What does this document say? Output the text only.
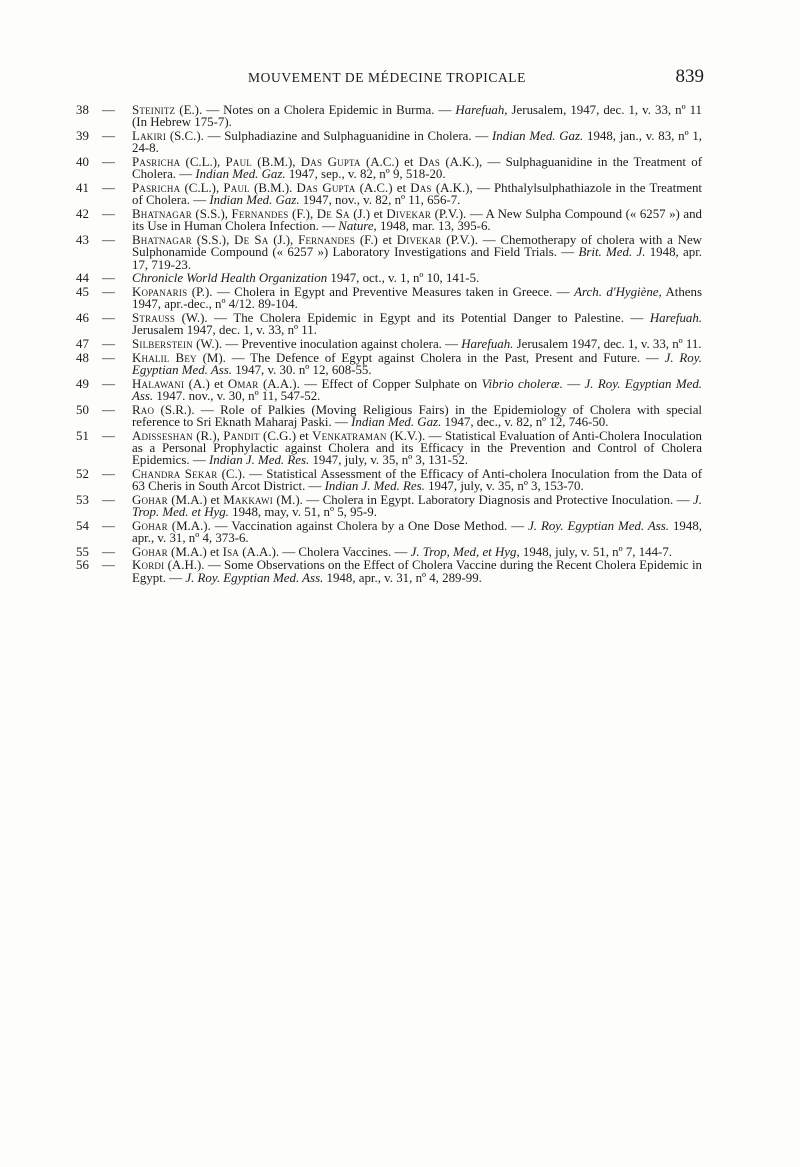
MOUVEMENT DE MÉDECINE TROPICALE	839
38	— Steinitz (E.). — Notes on a Cholera Epidemic in Burma. — Harefuah, Jerusalem, 1947, dec. 1, v. 33, nº 11 (In Hebrew 175-7).
39	— Lakiri (S.C.). — Sulphadiazine and Sulphaguanidine in Cholera. — Indian Med. Gaz. 1948, jan., v. 83, nº 1, 24-8.
40	— Pasricha (C.L.), Paul (B.M.), Das Gupta (A.C.) et Das (A.K.), — Sulphaguanidine in the Treatment of Cholera. — Indian Med. Gaz. 1947, sep., v. 82, nº 9, 518-20.
41	— Pasricha (C.L.), Paul (B.M.). Das Gupta (A.C.) et Das (A.K.), — Phthalylsulphathiazole in the Treatment of Cholera. — Indian Med. Gaz. 1947, nov., v. 82, nº 11, 656-7.
42	— Bhatnagar (S.S.), Fernandes (F.), De Sa (J.) et Divekar (P.V.). — A New Sulpha Compound (« 6257 ») and its Use in Human Cholera Infection. — Nature, 1948, mar. 13, 395-6.
43	— Bhatnagar (S.S.), De Sa (J.), Fernandes (F.) et Divekar (P.V.). — Chemotherapy of cholera with a New Sulphonamide Compound (« 6257 ») Laboratory Investigations and Field Trials. — Brit. Med. J. 1948, apr. 17, 719-23.
44	— Chronicle World Health Organization 1947, oct., v. 1, nº 10, 141-5.
45	— Kopanaris (P.). — Cholera in Egypt and Preventive Measures taken in Greece. — Arch. d'Hygiène, Athens 1947, apr.-dec., nº 4/12. 89-104.
46	— Strauss (W.). — The Cholera Epidemic in Egypt and its Potential Danger to Palestine. — Harefuah. Jerusalem 1947, dec. 1, v. 33, nº 11.
47	— Silberstein (W.). — Preventive inoculation against cholera. — Harefuah. Jerusalem 1947, dec. 1, v. 33, nº 11.
48	— Khalil Bey (M). — The Defence of Egypt against Cholera in the Past, Present and Future. — J. Roy. Egyptian Med. Ass. 1947, v. 30. nº 12, 608-55.
49	— Halawani (A.) et Omar (A.A.). — Effect of Copper Sulphate on Vibrio choleræ. — J. Roy. Egyptian Med. Ass. 1947. nov., v. 30, nº 11, 547-52.
50	— Rao (S.R.). — Role of Palkies (Moving Religious Fairs) in the Epidemiology of Cholera with special reference to Sri Eknath Maharaj Paski. — Indian Med. Gaz. 1947, dec., v. 82, nº 12, 746-50.
51	— Adisseshan (R.), Pandit (C.G.) et Venkatraman (K.V.). — Statistical Evaluation of Anti-Cholera Inoculation as a Personal Prophylactic against Cholera and its Efficacy in the Prevention and Control of Cholera Epidemics. — Indian J. Med. Res. 1947, july, v. 35, nº 3, 131-52.
52	— Chandra Sekar (C.). — Statistical Assessment of the Efficacy of Anti-cholera Inoculation from the Data of 63 Cheris in South Arcot District. — Indian J. Med. Res. 1947, july, v. 35, nº 3, 153-70.
53	— Gohar (M.A.) et Makkawi (M.). — Cholera in Egypt. Laboratory Diagnosis and Protective Inoculation. — J. Trop. Med. et Hyg. 1948, may, v. 51, nº 5, 95-9.
54	— Gohar (M.A.). — Vaccination against Cholera by a One Dose Method. — J. Roy. Egyptian Med. Ass. 1948, apr., v. 31, nº 4, 373-6.
55	— Gohar (M.A.) et Isa (A.A.). — Cholera Vaccines. — J. Trop, Med, et Hyg, 1948, july, v. 51, nº 7, 144-7.
56	— Kordi (A.H.). — Some Observations on the Effect of Cholera Vaccine during the Recent Cholera Epidemic in Egypt. — J. Roy. Egyptian Med. Ass. 1948, apr., v. 31, nº 4, 289-99.
